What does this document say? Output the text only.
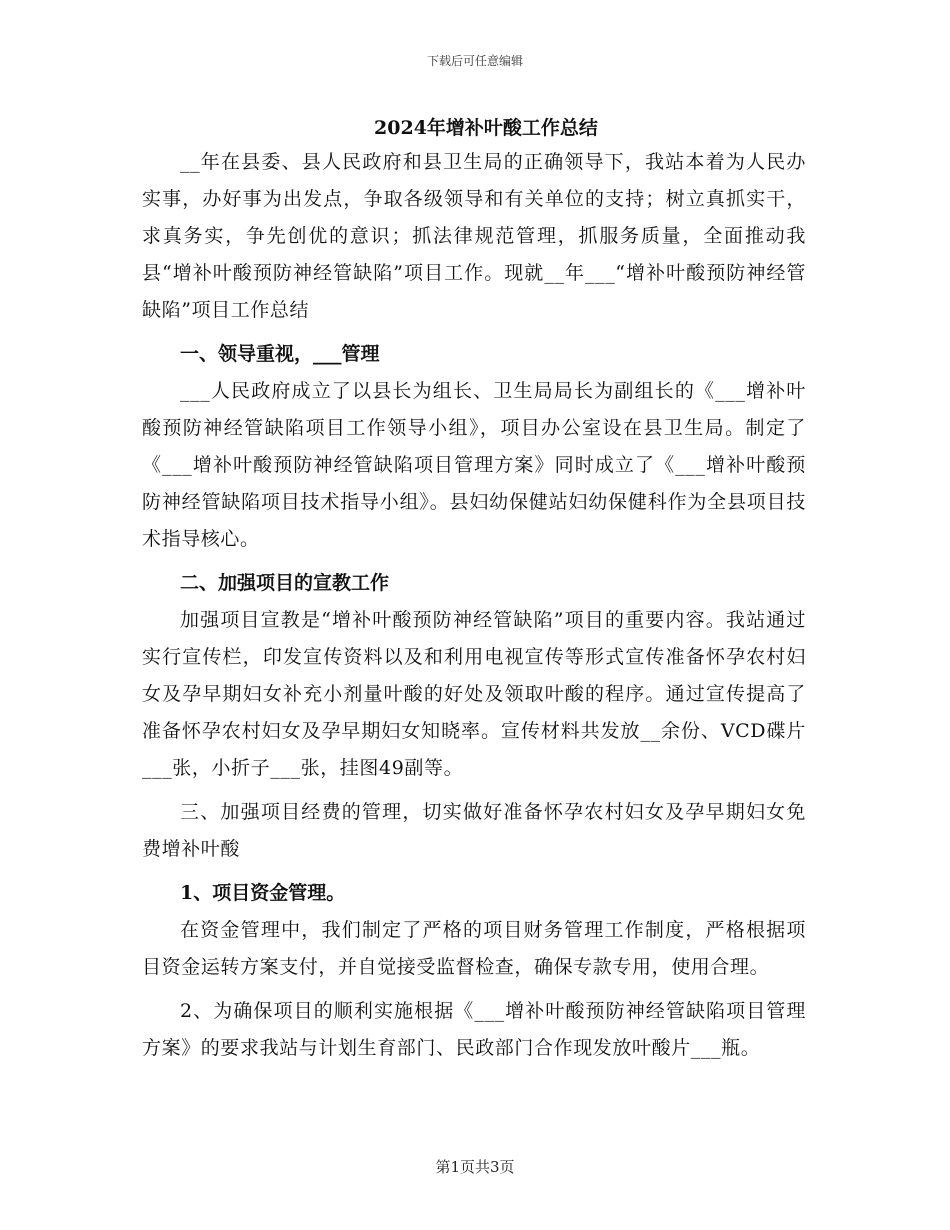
下载后可任意编辑

2024年增补叶酸工作总结

__年在县委、县人民政府和县卫生局的正确领导下，我站本着为人民办实事，办好事为出发点，争取各级领导和有关单位的支持；树立真抓实干，求真务实，争先创优的意识；抓法律规范管理，抓服务质量，全面推动我县“增补叶酸预防神经管缺陷”项目工作。现就__年___“增补叶酸预防神经管缺陷”项目工作总结

一、领导重视，___管理

___人民政府成立了以县长为组长、卫生局局长为副组长的《___增补叶酸预防神经管缺陷项目工作领导小组》，项目办公室设在县卫生局。制定了《___增补叶酸预防神经管缺陷项目管理方案》同时成立了《___增补叶酸预防神经管缺陷项目技术指导小组》。县妇幼保健站妇幼保健科作为全县项目技术指导核心。

二、加强项目的宣教工作

加强项目宣教是“增补叶酸预防神经管缺陷”项目的重要内容。我站通过实行宣传栏，印发宣传资料以及和利用电视宣传等形式宣传准备怀孕农村妇女及孕早期妇女补充小剂量叶酸的好处及领取叶酸的程序。通过宣传提高了准备怀孕农村妇女及孕早期妇女知晓率。宣传材料共发放__余份、VCD碟片___张，小折子___张，挂图49副等。

三、加强项目经费的管理，切实做好准备怀孕农村妇女及孕早期妇女免费增补叶酸

1、项目资金管理。

在资金管理中，我们制定了严格的项目财务管理工作制度，严格根据项目资金运转方案支付，并自觉接受监督检查，确保专款专用，使用合理。

2、为确保项目的顺利实施根据《___增补叶酸预防神经管缺陷项目管理方案》的要求我站与计划生育部门、民政部门合作现发放叶酸片___瓶。

第1页共3页
